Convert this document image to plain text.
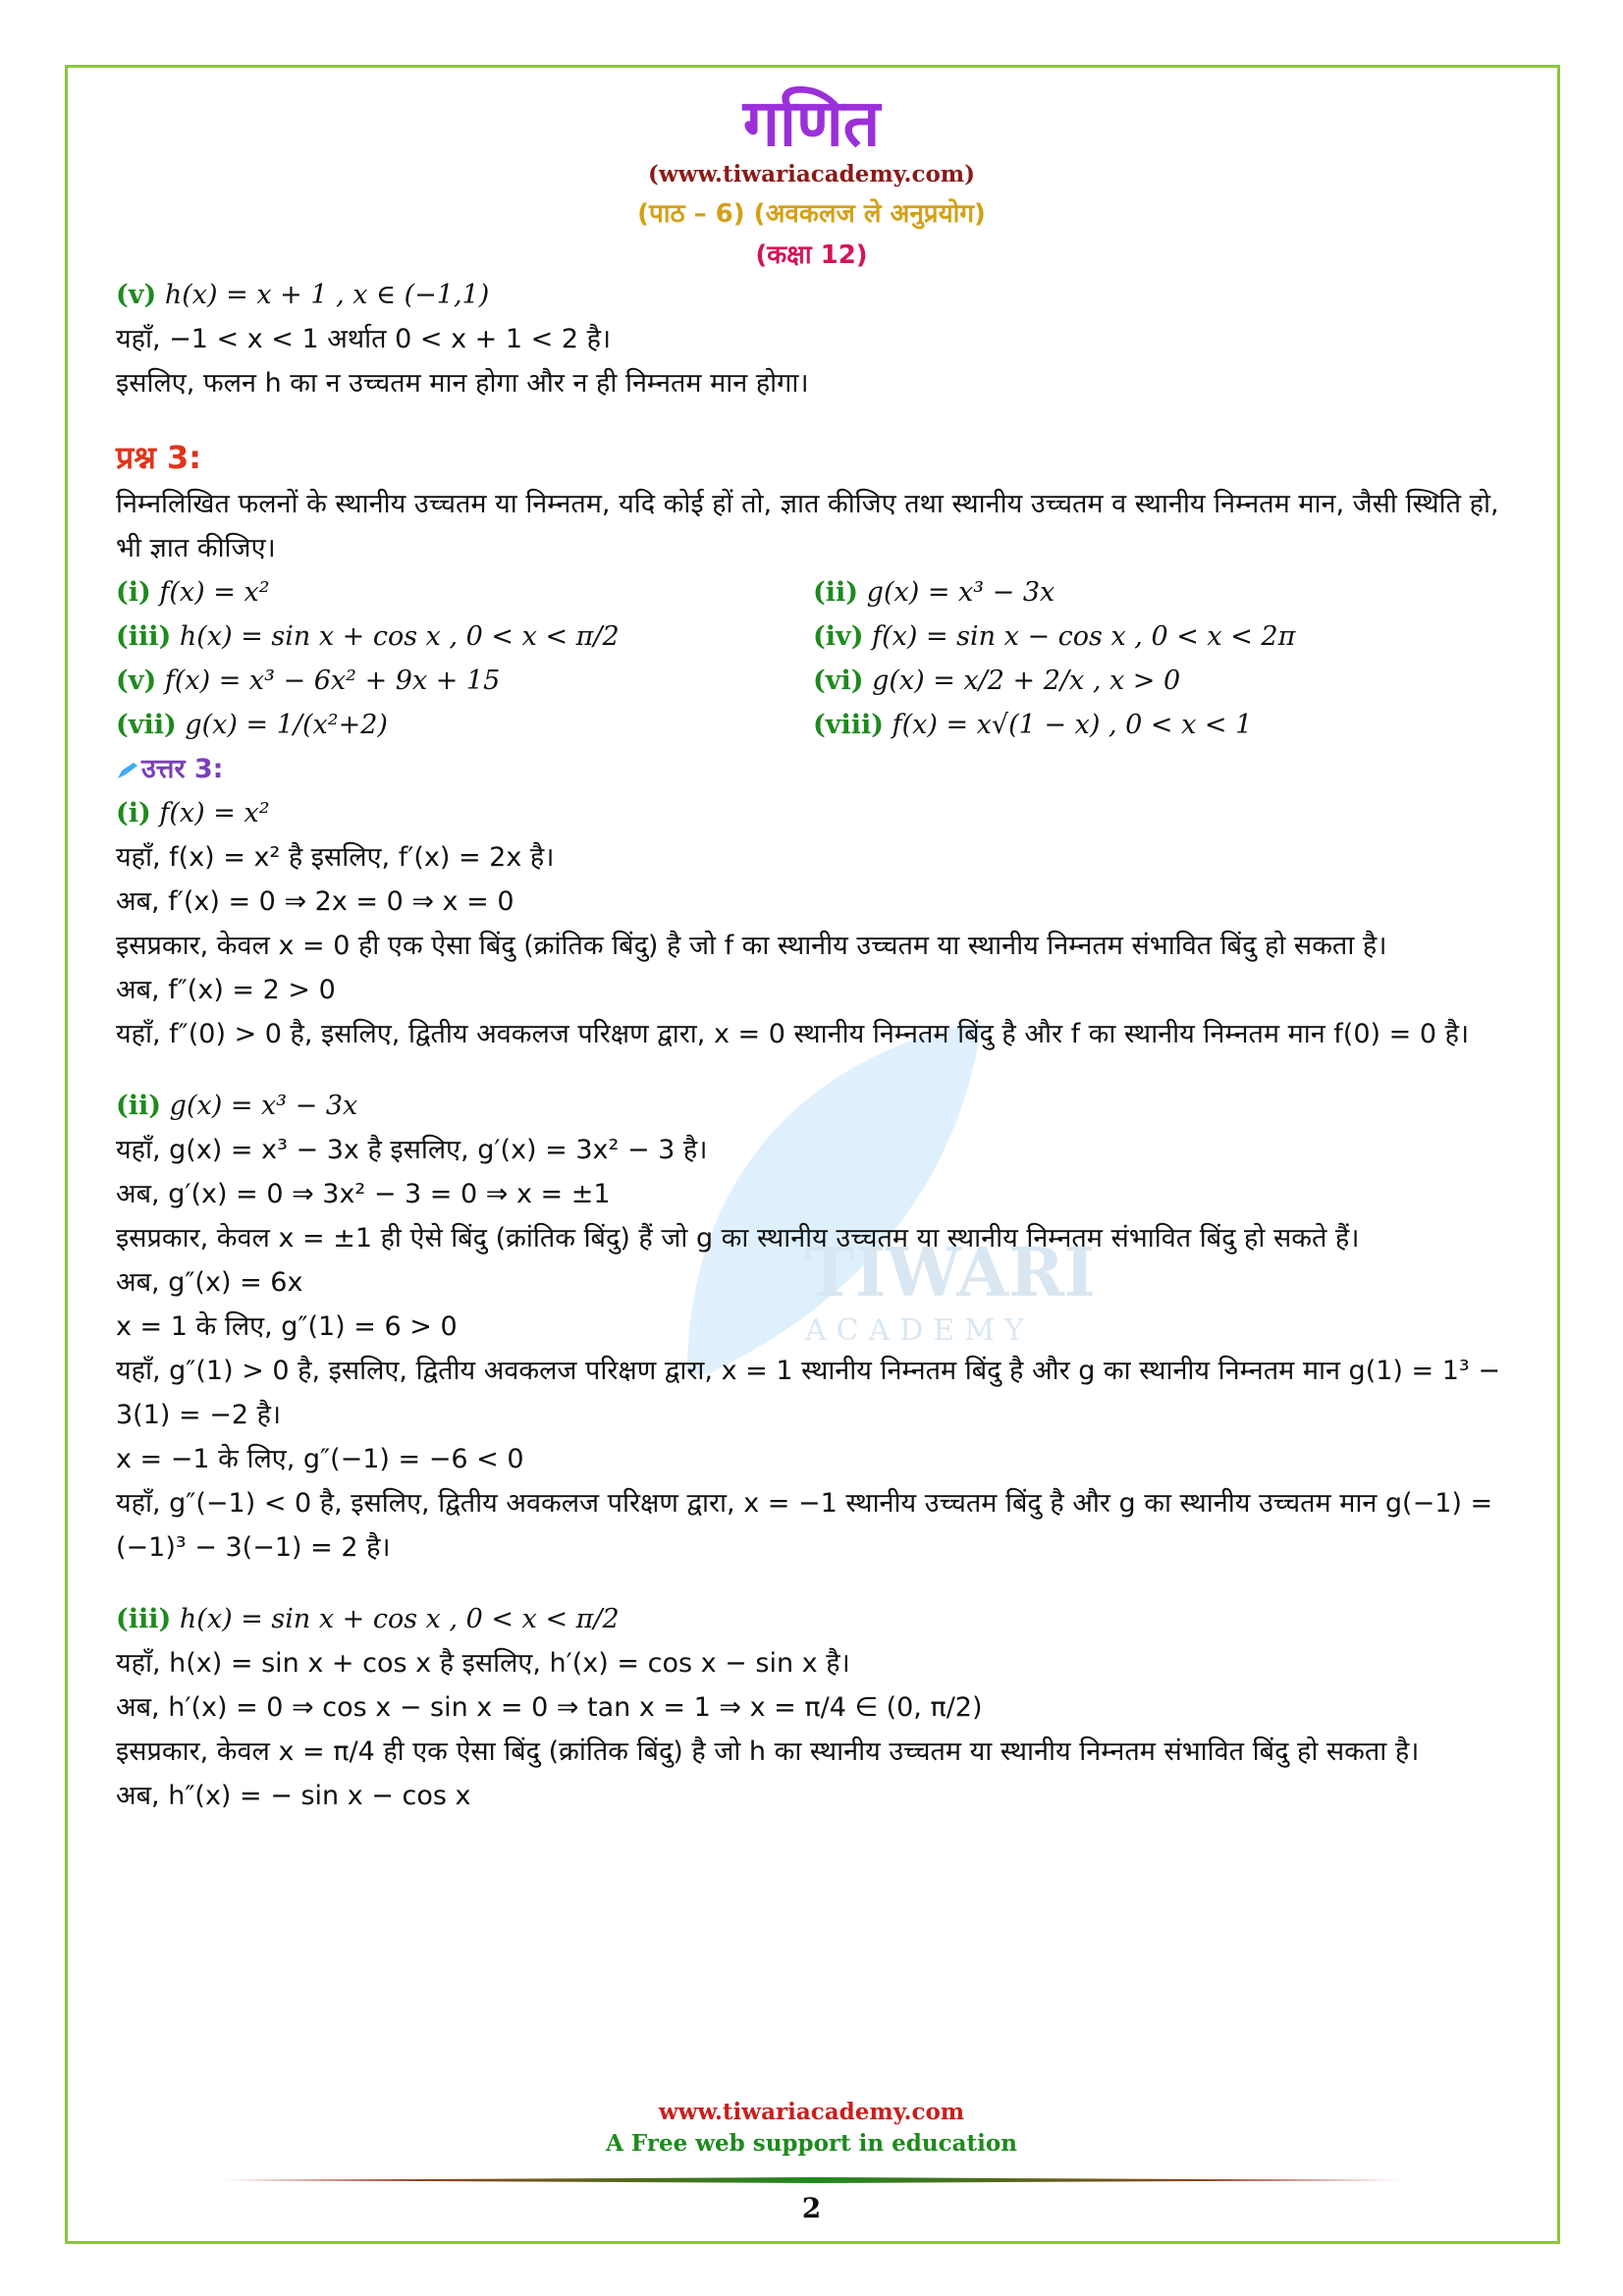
TIWARI
ACADEMY
गणित
(www.tiwariacademy.com)
(पाठ – 6) (अवकलज ले अनुप्रयोग)
(कक्षा 12)
(v) h(x) = x + 1 , x ∈ (−1,1)
यहाँ, −1 < x < 1 अर्थात 0 < x + 1 < 2 है।
इसलिए, फलन h का न उच्चतम मान होगा और न ही निम्नतम मान होगा।
प्रश्न 3:
निम्नलिखित फलनों के स्थानीय उच्चतम या निम्नतम, यदि कोई हों तो, ज्ञात कीजिए तथा स्थानीय उच्चतम व स्थानीय निम्नतम मान, जैसी स्थिति हो, भी ज्ञात कीजिए।
(i) f(x) = x²	(ii) g(x) = x³ − 3x
(iii) h(x) = sin x + cos x , 0 < x < π/2	(iv) f(x) = sin x − cos x , 0 < x < 2π
(v) f(x) = x³ − 6x² + 9x + 15	(vi) g(x) = x/2 + 2/x , x > 0
(vii) g(x) = 1/(x²+2)	(viii) f(x) = x√(1 − x) , 0 < x < 1
उत्तर 3:
(i) f(x) = x²
यहाँ, f(x) = x² है इसलिए, f′(x) = 2x है।
अब, f′(x) = 0 ⇒ 2x = 0 ⇒ x = 0
इसप्रकार, केवल x = 0 ही एक ऐसा बिंदु (क्रांतिक बिंदु) है जो f का स्थानीय उच्चतम या स्थानीय निम्नतम संभावित बिंदु हो सकता है।
अब, f″(x) = 2 > 0
यहाँ, f″(0) > 0 है, इसलिए, द्वितीय अवकलज परिक्षण द्वारा, x = 0 स्थानीय निम्नतम बिंदु है और f का स्थानीय निम्नतम मान f(0) = 0 है।
(ii) g(x) = x³ − 3x
यहाँ, g(x) = x³ − 3x है इसलिए, g′(x) = 3x² − 3 है।
अब, g′(x) = 0 ⇒ 3x² − 3 = 0 ⇒ x = ±1
इसप्रकार, केवल x = ±1 ही ऐसे बिंदु (क्रांतिक बिंदु) हैं जो g का स्थानीय उच्चतम या स्थानीय निम्नतम संभावित बिंदु हो सकते हैं।
अब, g″(x) = 6x
x = 1 के लिए, g″(1) = 6 > 0
यहाँ, g″(1) > 0 है, इसलिए, द्वितीय अवकलज परिक्षण द्वारा, x = 1 स्थानीय निम्नतम बिंदु है और g का स्थानीय निम्नतम मान g(1) = 1³ − 3(1) = −2 है।
x = −1 के लिए, g″(−1) = −6 < 0
यहाँ, g″(−1) < 0 है, इसलिए, द्वितीय अवकलज परिक्षण द्वारा, x = −1 स्थानीय उच्चतम बिंदु है और g का स्थानीय उच्चतम मान g(−1) = (−1)³ − 3(−1) = 2 है।
(iii) h(x) = sin x + cos x , 0 < x < π/2
यहाँ, h(x) = sin x + cos x है इसलिए, h′(x) = cos x − sin x है।
अब, h′(x) = 0 ⇒ cos x − sin x = 0 ⇒ tan x = 1 ⇒ x = π/4 ∈ (0, π/2)
इसप्रकार, केवल x = π/4 ही एक ऐसा बिंदु (क्रांतिक बिंदु) है जो h का स्थानीय उच्चतम या स्थानीय निम्नतम संभावित बिंदु हो सकता है।
अब, h″(x) = − sin x − cos x
www.tiwariacademy.com
A Free web support in education
2
